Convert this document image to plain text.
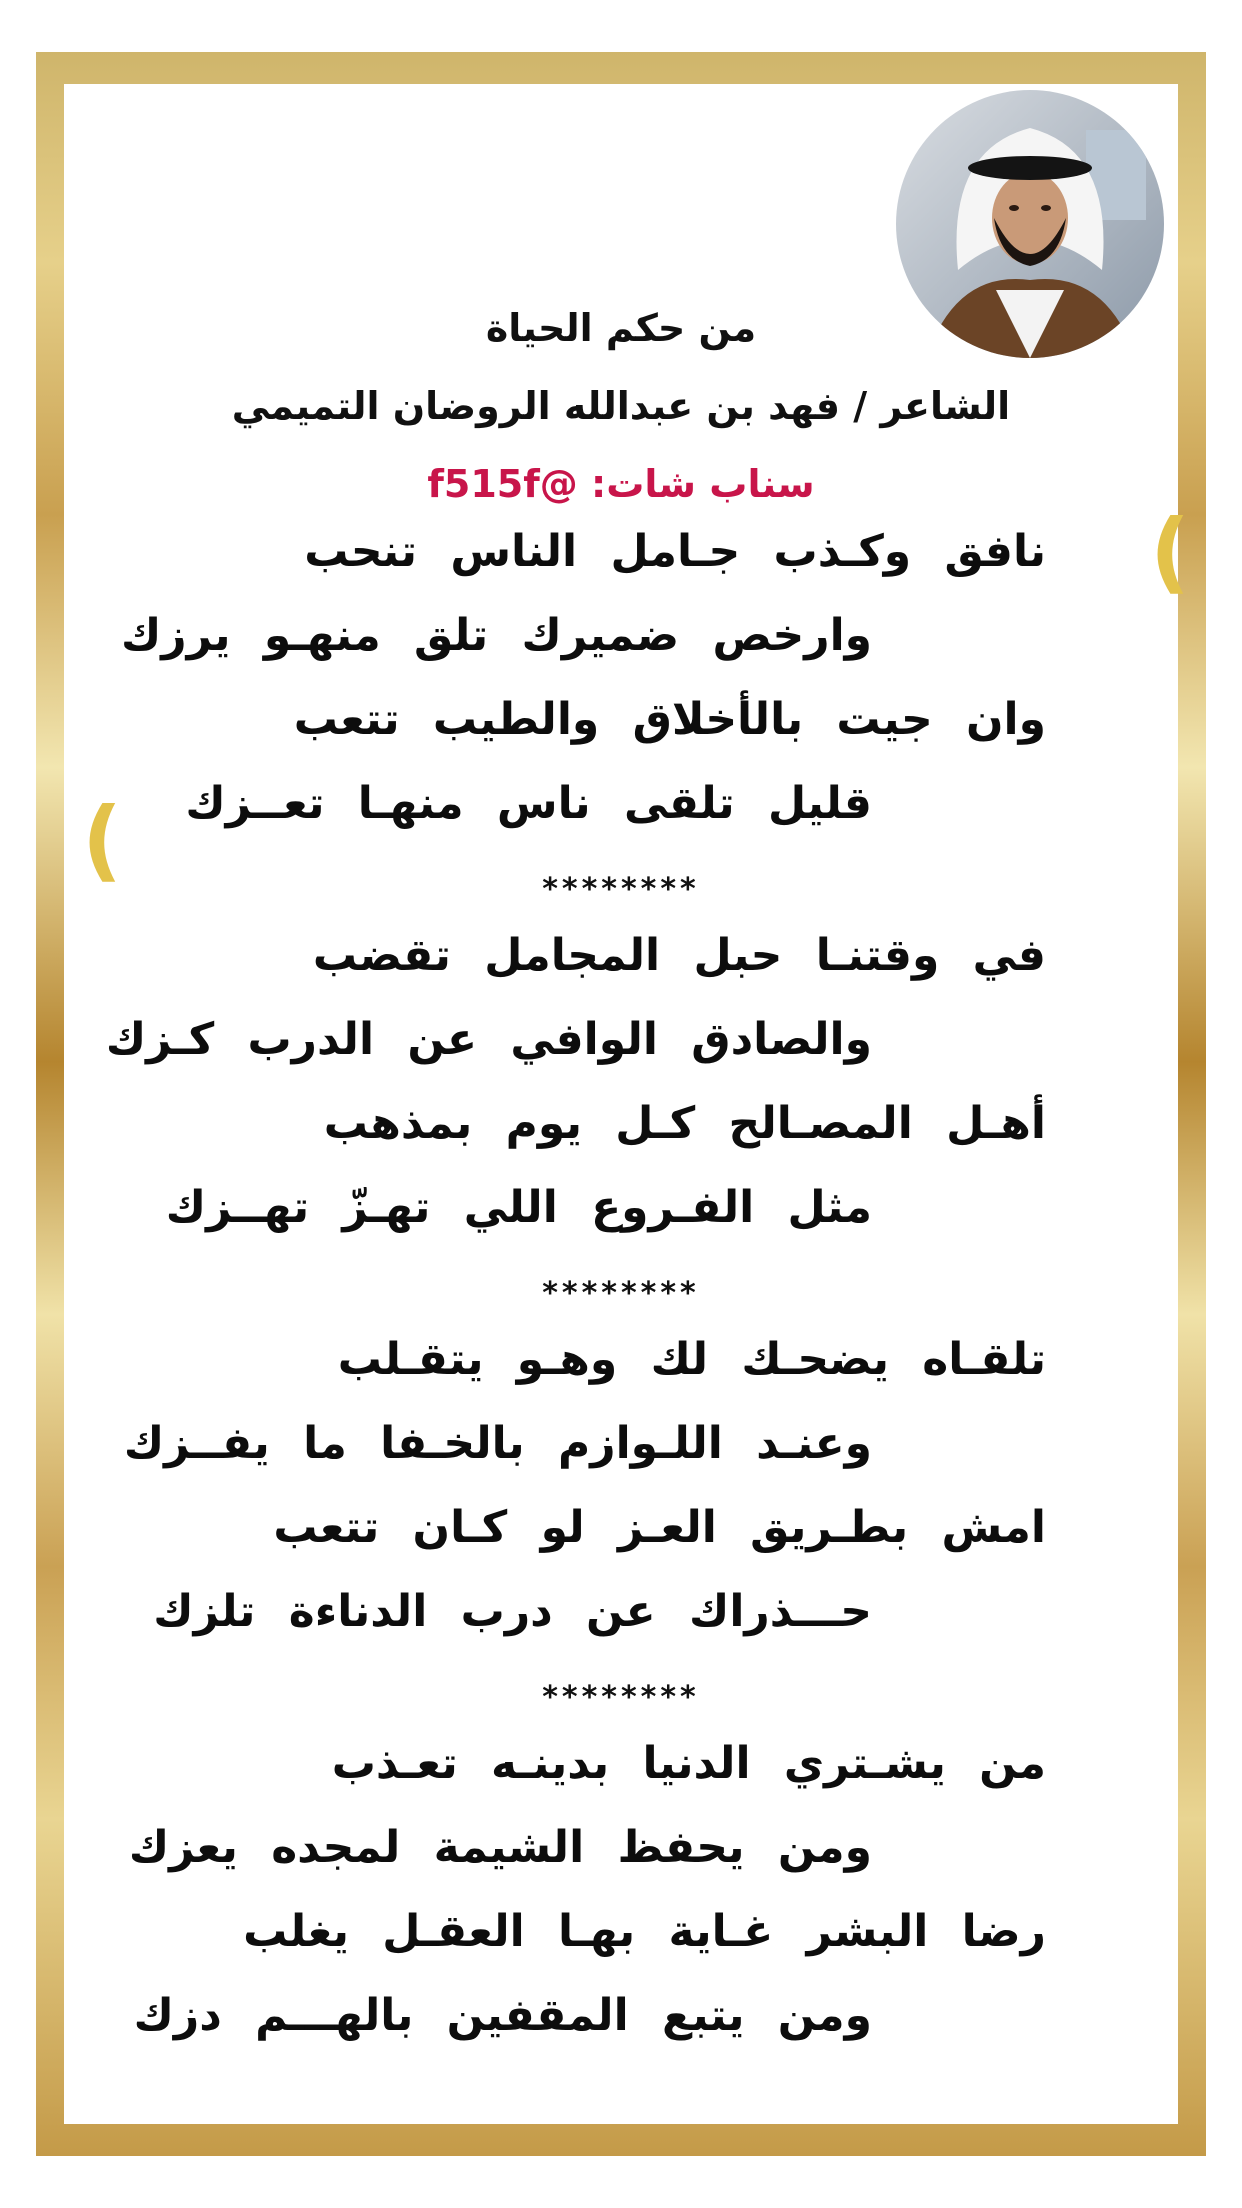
(
(
من حكم الحياة
الشاعر / فهد بن عبدالله الروضان التميمي
سناب شات: @f515f
نافق وكـذب جـامل الناس تنحب
وارخص ضميرك تلق منهـو يرزك
وان جيت بالأخلاق والطيب تتعب
قليل تلقى ناس منهـا تعــزك
********
في وقتنـا حبل المجامل تقضب
والصادق الوافي عن الدرب كـزك
أهـل المصـالح كـل يوم بمذهب
مثل الفـروع اللي تهـزّ تهــزك
********
تلقـاه يضحـك لك وهـو يتقـلب
وعنـد اللـوازم بالخـفا ما يفــزك
امش بطـريق العـز لو كـان تتعب
حـــذراك عن درب الدناءة تلزك
********
من يشـتري الدنيا بدينـه تعـذب
ومن يحفظ الشيمة لمجده يعزك
رضا البشر غـاية بهـا العقـل يغلب
ومن يتبع المقفين بالهـــم دزك
